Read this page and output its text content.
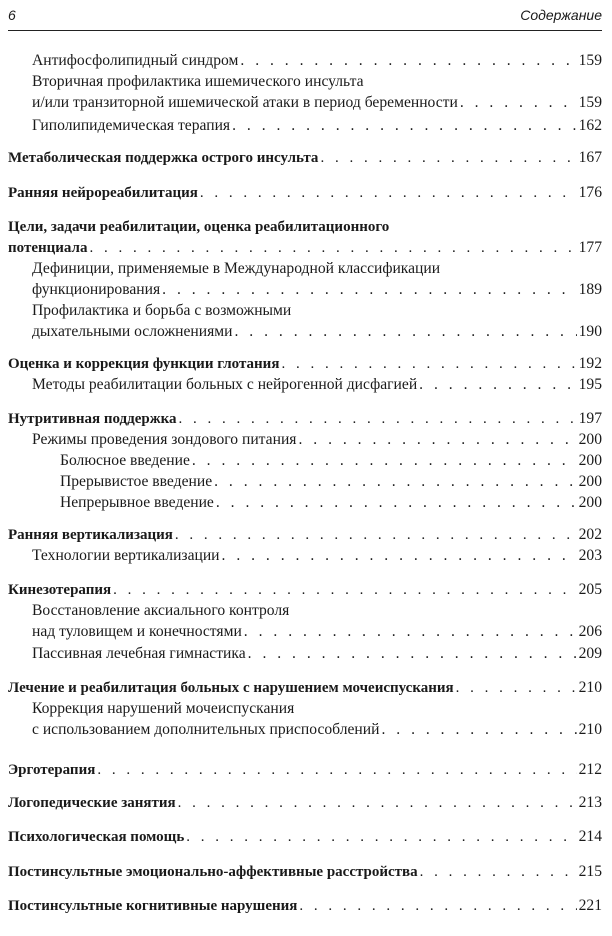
6	Содержание
Антифосфолипидный синдром . . .	159
Вторичная профилактика ишемического инсульта
и/или транзиторной ишемической атаки в период беременности . . .	159
Гиполипидемическая терапия . . .	162
Метаболическая поддержка острого инсульта . . .	167
Ранняя нейрореабилитация . . .	176
Цели, задачи реабилитации, оценка реабилитационного
потенциала . . .	177
Дефиниции, применяемые в Международной классификации
функционирования . . .	189
Профилактика и борьба с возможными
дыхательными осложнениями . . .	190
Оценка и коррекция функции глотания . . .	192
Методы реабилитации больных с нейрогенной дисфагией . . .	195
Нутритивная поддержка . . .	197
Режимы проведения зондового питания . . .	200
Болюсное введение . . .	200
Прерывистое введение . . .	200
Непрерывное введение . . .	200
Ранняя вертикализация . . .	202
Технологии вертикализации . . .	203
Кинезотерапия . . .	205
Восстановление аксиального контроля
над туловищем и конечностями . . .	206
Пассивная лечебная гимнастика . . .	209
Лечение и реабилитация больных с нарушением мочеиспускания . . .	210
Коррекция нарушений мочеиспускания
с использованием дополнительных приспособлений . . .	210
Эрготерапия . . .	212
Логопедические занятия . . .	213
Психологическая помощь . . .	214
Постинсультные эмоционально-аффективные расстройства . . .	215
Постинсультные когнитивные нарушения . . .	221
